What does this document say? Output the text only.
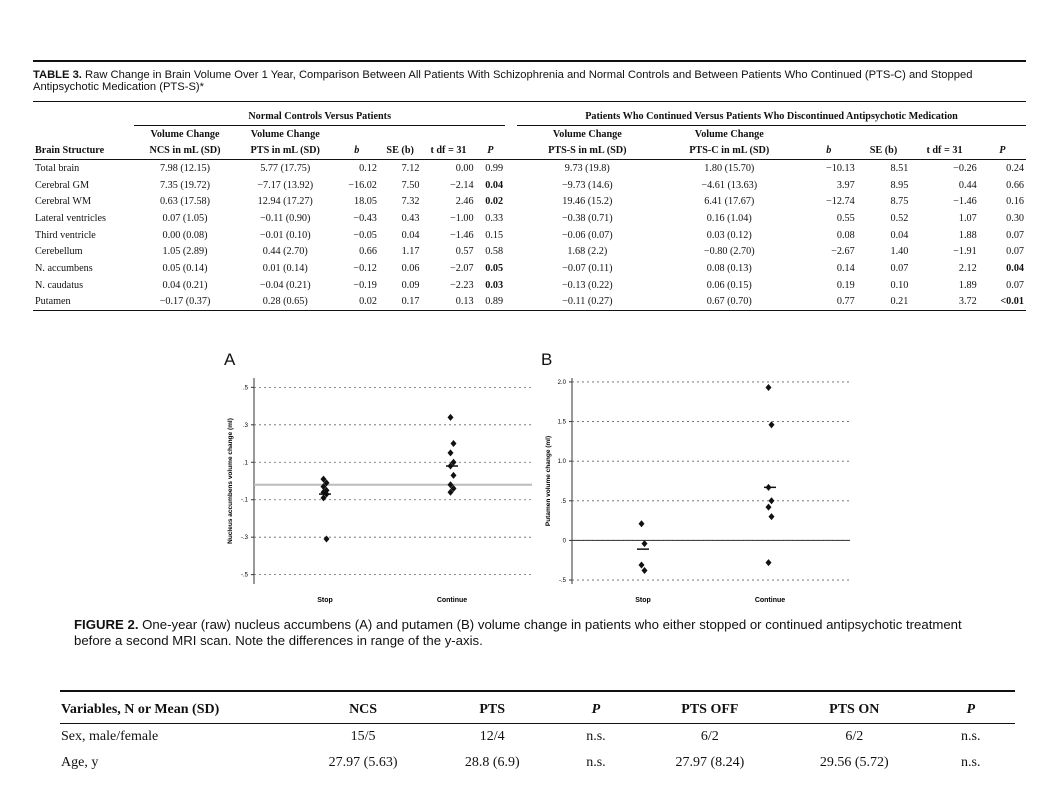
TABLE 3. Raw Change in Brain Volume Over 1 Year, Comparison Between All Patients With Schizophrenia and Normal Controls and Between Patients Who Continued (PTS-C) and Stopped Antipsychotic Medication (PTS-S)*
	Normal Controls Versus Patients							Patients Who Continued Versus Patients Who Discontinued Antipsychotic Medication					
	Volume Change	Volume Change						Volume Change	Volume Change				
Brain Structure	NCS in mL (SD)	PTS in mL (SD)	b	SE (b)	t df = 31	P		PTS-S in mL (SD)	PTS-C in mL (SD)	b	SE (b)	t df = 31	P
Total brain	7.98 (12.15)	5.77 (17.75)	0.12	7.12	0.00	0.99		9.73 (19.8)	1.80 (15.70)	−10.13	8.51	−0.26	0.24
Cerebral GM	7.35 (19.72)	−7.17 (13.92)	−16.02	7.50	−2.14	0.04		−9.73 (14.6)	−4.61 (13.63)	3.97	8.95	0.44	0.66
Cerebral WM	0.63 (17.58)	12.94 (17.27)	18.05	7.32	2.46	0.02		19.46 (15.2)	6.41 (17.67)	−12.74	8.75	−1.46	0.16
Lateral ventricles	0.07 (1.05)	−0.11 (0.90)	−0.43	0.43	−1.00	0.33		−0.38 (0.71)	0.16 (1.04)	0.55	0.52	1.07	0.30
Third ventricle	0.00 (0.08)	−0.01 (0.10)	−0.05	0.04	−1.46	0.15		−0.06 (0.07)	0.03 (0.12)	0.08	0.04	1.88	0.07
Cerebellum	1.05 (2.89)	0.44 (2.70)	0.66	1.17	0.57	0.58		1.68 (2.2)	−0.80 (2.70)	−2.67	1.40	−1.91	0.07
N. accumbens	0.05 (0.14)	0.01 (0.14)	−0.12	0.06	−2.07	0.05		−0.07 (0.11)	0.08 (0.13)	0.14	0.07	2.12	0.04
N. caudatus	0.04 (0.21)	−0.04 (0.21)	−0.19	0.09	−2.23	0.03		−0.13 (0.22)	0.06 (0.15)	0.19	0.10	1.89	0.07
Putamen	−0.17 (0.37)	0.28 (0.65)	0.02	0.17	0.13	0.89		−0.11 (0.27)	0.67 (0.70)	0.77	0.21	3.72	<0.01
A	B
.5
.3
.1
-.1
-.3
-.5
Nucleus accumbens volume change (ml)
Stop	Continue
2.0
1.5
1.0
.5
0
-.5
Putamen volume change (ml)
Stop	Continue
FIGURE 2. One-year (raw) nucleus accumbens (A) and putamen (B) volume change in patients who either stopped or continued antipsychotic treatment before a second MRI scan. Note the differences in range of the y-axis.
Variables, N or Mean (SD)	NCS	PTS	P	PTS OFF	PTS ON	P
Sex, male/female	15/5	12/4	n.s.	6/2	6/2	n.s.
Age, y	27.97 (5.63)	28.8 (6.9)	n.s.	27.97 (8.24)	29.56 (5.72)	n.s.
